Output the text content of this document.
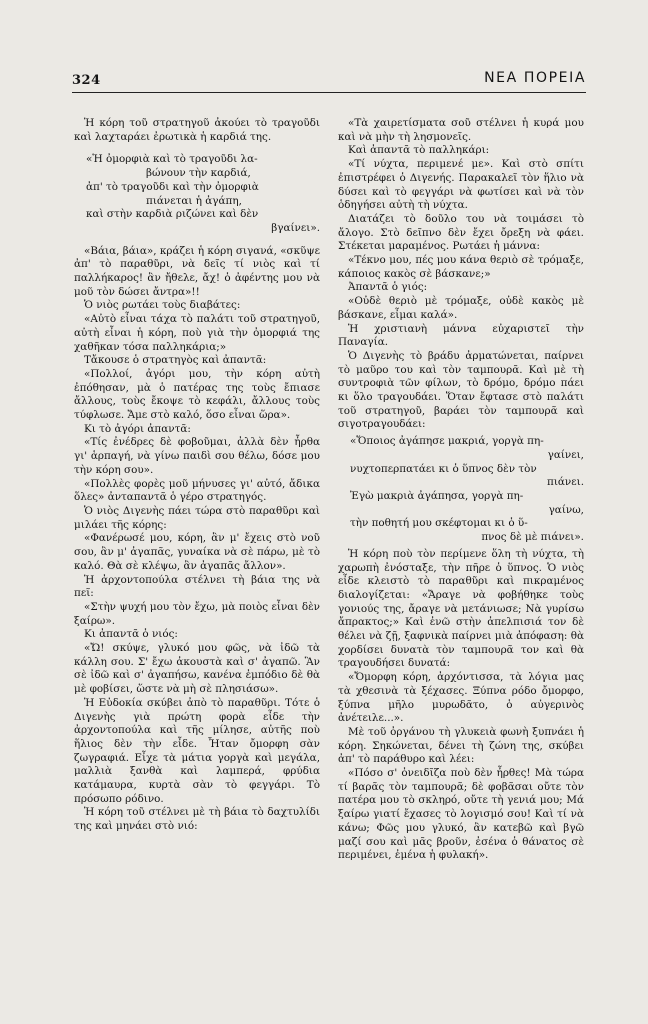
324	ΝΕΑ ΠΟΡΕΙΑ

Ἡ κόρη τοῦ στρατηγοῦ ἀκούει τὸ τραγοῦδι καὶ λαχταράει ἐρωτικὰ ἡ καρδιά της.

«Ἡ ὀμορφιὰ καὶ τὸ τραγοῦδι λα-
βώνουν τὴν καρδιά,
ἀπ' τὸ τραγοῦδι καὶ τὴν ὀμορφιὰ
πιάνεται ἡ ἀγάπη,
καὶ στὴν καρδιὰ ριζώνει καὶ δὲν
βγαίνει».

«Βάια, βάια», κράζει ἡ κόρη σιγανά, «σκῦψε ἀπ' τὸ παραθῦρι, νὰ δεῖς τί νιὸς καὶ τί παλλήκαρος! ἂν ἤθελε, ἄχ! ὁ ἀφέντης μου νὰ μοῦ τὸν δώσει ἄντρα»!!

Ὁ νιὸς ρωτάει τοὺς διαβάτες:

«Αὐτὸ εἶναι τάχα τὸ παλάτι τοῦ στρατηγοῦ, αὐτὴ εἶναι ἡ κόρη, ποὺ γιὰ τὴν ὀμορφιά της χαθῆκαν τόσα παλληκάρια;»

Τἄκουσε ὁ στρατηγὸς καὶ ἀπαντᾶ:

«Πολλοί, ἀγόρι μου, τὴν κόρη αὐτὴ ἐπόθησαν, μὰ ὁ πατέρας της τοὺς ἔπιασε ἄλλους, τοὺς ἔκοψε τὸ κεφάλι, ἄλλους τοὺς τύφλωσε. Ἄμε στὸ καλό, ὅσο εἶναι ὥρα».

Κι τὸ ἀγόρι ἀπαντᾶ:

«Τίς ἐνέδρες δὲ φοβοῦμαι, ἀλλὰ δὲν ἦρθα γι' ἁρπαγή, νὰ γίνω παιδὶ σου θέλω, δόσε μου τὴν κόρη σου».

«Πολλὲς φορὲς μοῦ μήνυσες γι' αὐτό, ἄδικα ὅλες» ἀνταπαντᾶ ὁ γέρο στρατηγός.

Ὁ νιὸς Διγενὴς πάει τώρα στὸ παραθῦρι καὶ μιλάει τῆς κόρης:

«Φανέρωσέ μου, κόρη, ἂν μ' ἔχεις στὸ νοῦ σου, ἂν μ' ἀγαπᾶς, γυναίκα νὰ σὲ πάρω, μὲ τὸ καλό. Θὰ σὲ κλέψω, ἂν ἀγαπᾶς ἄλλον».

Ἡ ἀρχοντοπούλα στέλνει τὴ βάια της νὰ πεῖ:

«Στὴν ψυχή μου τὸν ἔχω, μὰ ποιὸς εἶναι δὲν ξαίρω».

Κι ἀπαντᾶ ὁ νιός:

«Ὤ! σκύψε, γλυκό μου φῶς, νὰ ἰδῶ τὰ κάλλη σου. Σ' ἔχω ἀκουστὰ καὶ σ' ἀγαπῶ. Ἂν σὲ ἰδῶ καὶ σ' ἀγαπήσω, κανένα ἐμπόδιο δὲ θὰ μὲ φοβίσει, ὥστε νὰ μὴ σὲ πλησιάσω».

Ἡ Εὐδοκία σκύβει ἀπὸ τὸ παραθῦρι. Τότε ὁ Διγενὴς γιὰ πρώτη φορὰ εἶδε τὴν ἀρχοντοπούλα καὶ τῆς μίλησε, αὐτῆς ποὺ ἥλιος δὲν τὴν εἶδε. Ἦταν ὄμορφη σὰν ζωγραφιά. Εἶχε τὰ μάτια γοργὰ καὶ μεγάλα, μαλλιὰ ξανθὰ καὶ λαμπερά, φρύδια κατάμαυρα, κυρτὰ σὰν τὸ φεγγάρι. Τὸ πρόσωπο ρόδινο.

Ἡ κόρη τοῦ στέλνει μὲ τὴ βάια τὸ δαχτυλίδι της καὶ μηνάει στὸ νιό:

«Τὰ χαιρετίσματα σοῦ στέλνει ἡ κυρά μου καὶ νὰ μὴν τὴ λησμονεῖς.

Καὶ ἀπαντᾶ τὸ παλληκάρι:

«Τί νύχτα, περιμενέ με». Καὶ στὸ σπίτι ἐπιστρέφει ὁ Διγενής. Παρακαλεῖ τὸν ἥλιο νὰ δύσει καὶ τὸ φεγγάρι νὰ φωτίσει καὶ νὰ τὸν ὁδηγήσει αὐτὴ τὴ νύχτα.

Διατάζει τὸ δοῦλο του νὰ τοιμάσει τὸ ἄλογο. Στὸ δεῖπνο δὲν ἔχει ὄρεξη νὰ φάει. Στέκεται μαραμένος. Ρωτάει ἡ μάννα:

«Τέκνο μου, πές μου κάνα θεριὸ σὲ τρόμαξε, κάποιος κακὸς σὲ βάσκανε;»

Ἀπαντᾶ ὁ γιός:

«Οὐδὲ θεριὸ μὲ τρόμαξε, οὐδὲ κακὸς μὲ βάσκανε, εἶμαι καλά».

Ἡ χριστιανὴ μάννα εὐχαριστεῖ τὴν Παναγία.

Ὁ Διγενὴς τὸ βράδυ ἀρματώνεται, παίρνει τὸ μαῦρο του καὶ τὸν ταμπουρᾶ. Καὶ μὲ τὴ συντροφιὰ τῶν φίλων, τὸ δρόμο, δρόμο πάει κι ὅλο τραγουδάει. Ὅταν ἔφτασε στὸ παλάτι τοῦ στρατηγοῦ, βαράει τὸν ταμπουρᾶ καὶ σιγοτραγουδάει:

«Ὅποιος ἀγάπησε μακριά, γοργὰ πη-
γαίνει,
νυχτοπερπατάει κι ὁ ὕπνος δὲν τὸν
πιάνει.
Ἐγὼ μακριὰ ἀγάπησα, γοργὰ πη-
γαίνω,
τὴν ποθητή μου σκέφτομαι κι ὁ ὕ-
πνος δὲ μὲ πιάνει».

Ἡ κόρη ποὺ τὸν περίμενε ὅλη τὴ νύχτα, τὴ χαρωπὴ ἐνόσταξε, τὴν πῆρε ὁ ὕπνος. Ὁ νιὸς εἶδε κλειστὸ τὸ παραθῦρι καὶ πικραμένος διαλογίζεται: «Ἄραγε νὰ φοβήθηκε τοὺς γονιούς της, ἄραγε νὰ μετάνιωσε; Νὰ γυρίσω ἄπρακτος;» Καὶ ἐνῶ στὴν ἀπελπισιά τον δὲ θέλει νὰ ζῇ, ξαφνικὰ παίρνει μιὰ ἀπόφαση: θὰ χορδίσει δυνατὰ τὸν ταμπουρᾶ τον καὶ θὰ τραγουδήσει δυνατά:

«Ὄμορφη κόρη, ἀρχόντισσα, τὰ λόγια μας τὰ χθεσινὰ τὰ ξέχασες. Ξύπνα ρόδο ὄμορφο, ξύπνα μῆλο μυρωδᾶτο, ὁ αὐγερινὸς ἀνέτειλε...».

Μὲ τοῦ ὀργάνου τὴ γλυκειὰ φωνὴ ξυπνάει ἡ κόρη. Σηκώνεται, δένει τὴ ζώνη της, σκύβει ἀπ' τὸ παράθυρο καὶ λέει:

«Πόσο σ' ὀνειδῖζα ποὺ δὲν ἦρθες! Μὰ τώρα τί βαρᾶς τὸν ταμπουρᾶ; δὲ φοβᾶσαι οὔτε τὸν πατέρα μου τὸ σκληρό, οὔτε τὴ γενιά μου; Μά ξαίρω γιατί ἔχασες τὸ λογισμό σου! Καὶ τί νὰ κάνω; Φῶς μου γλυκό, ἂν κατεβῶ καὶ βγῶ μαζί σου καὶ μᾶς βροῦν, ἐσένα ὁ θάνατος σὲ περιμένει, ἐμένα ἡ φυλακή».
